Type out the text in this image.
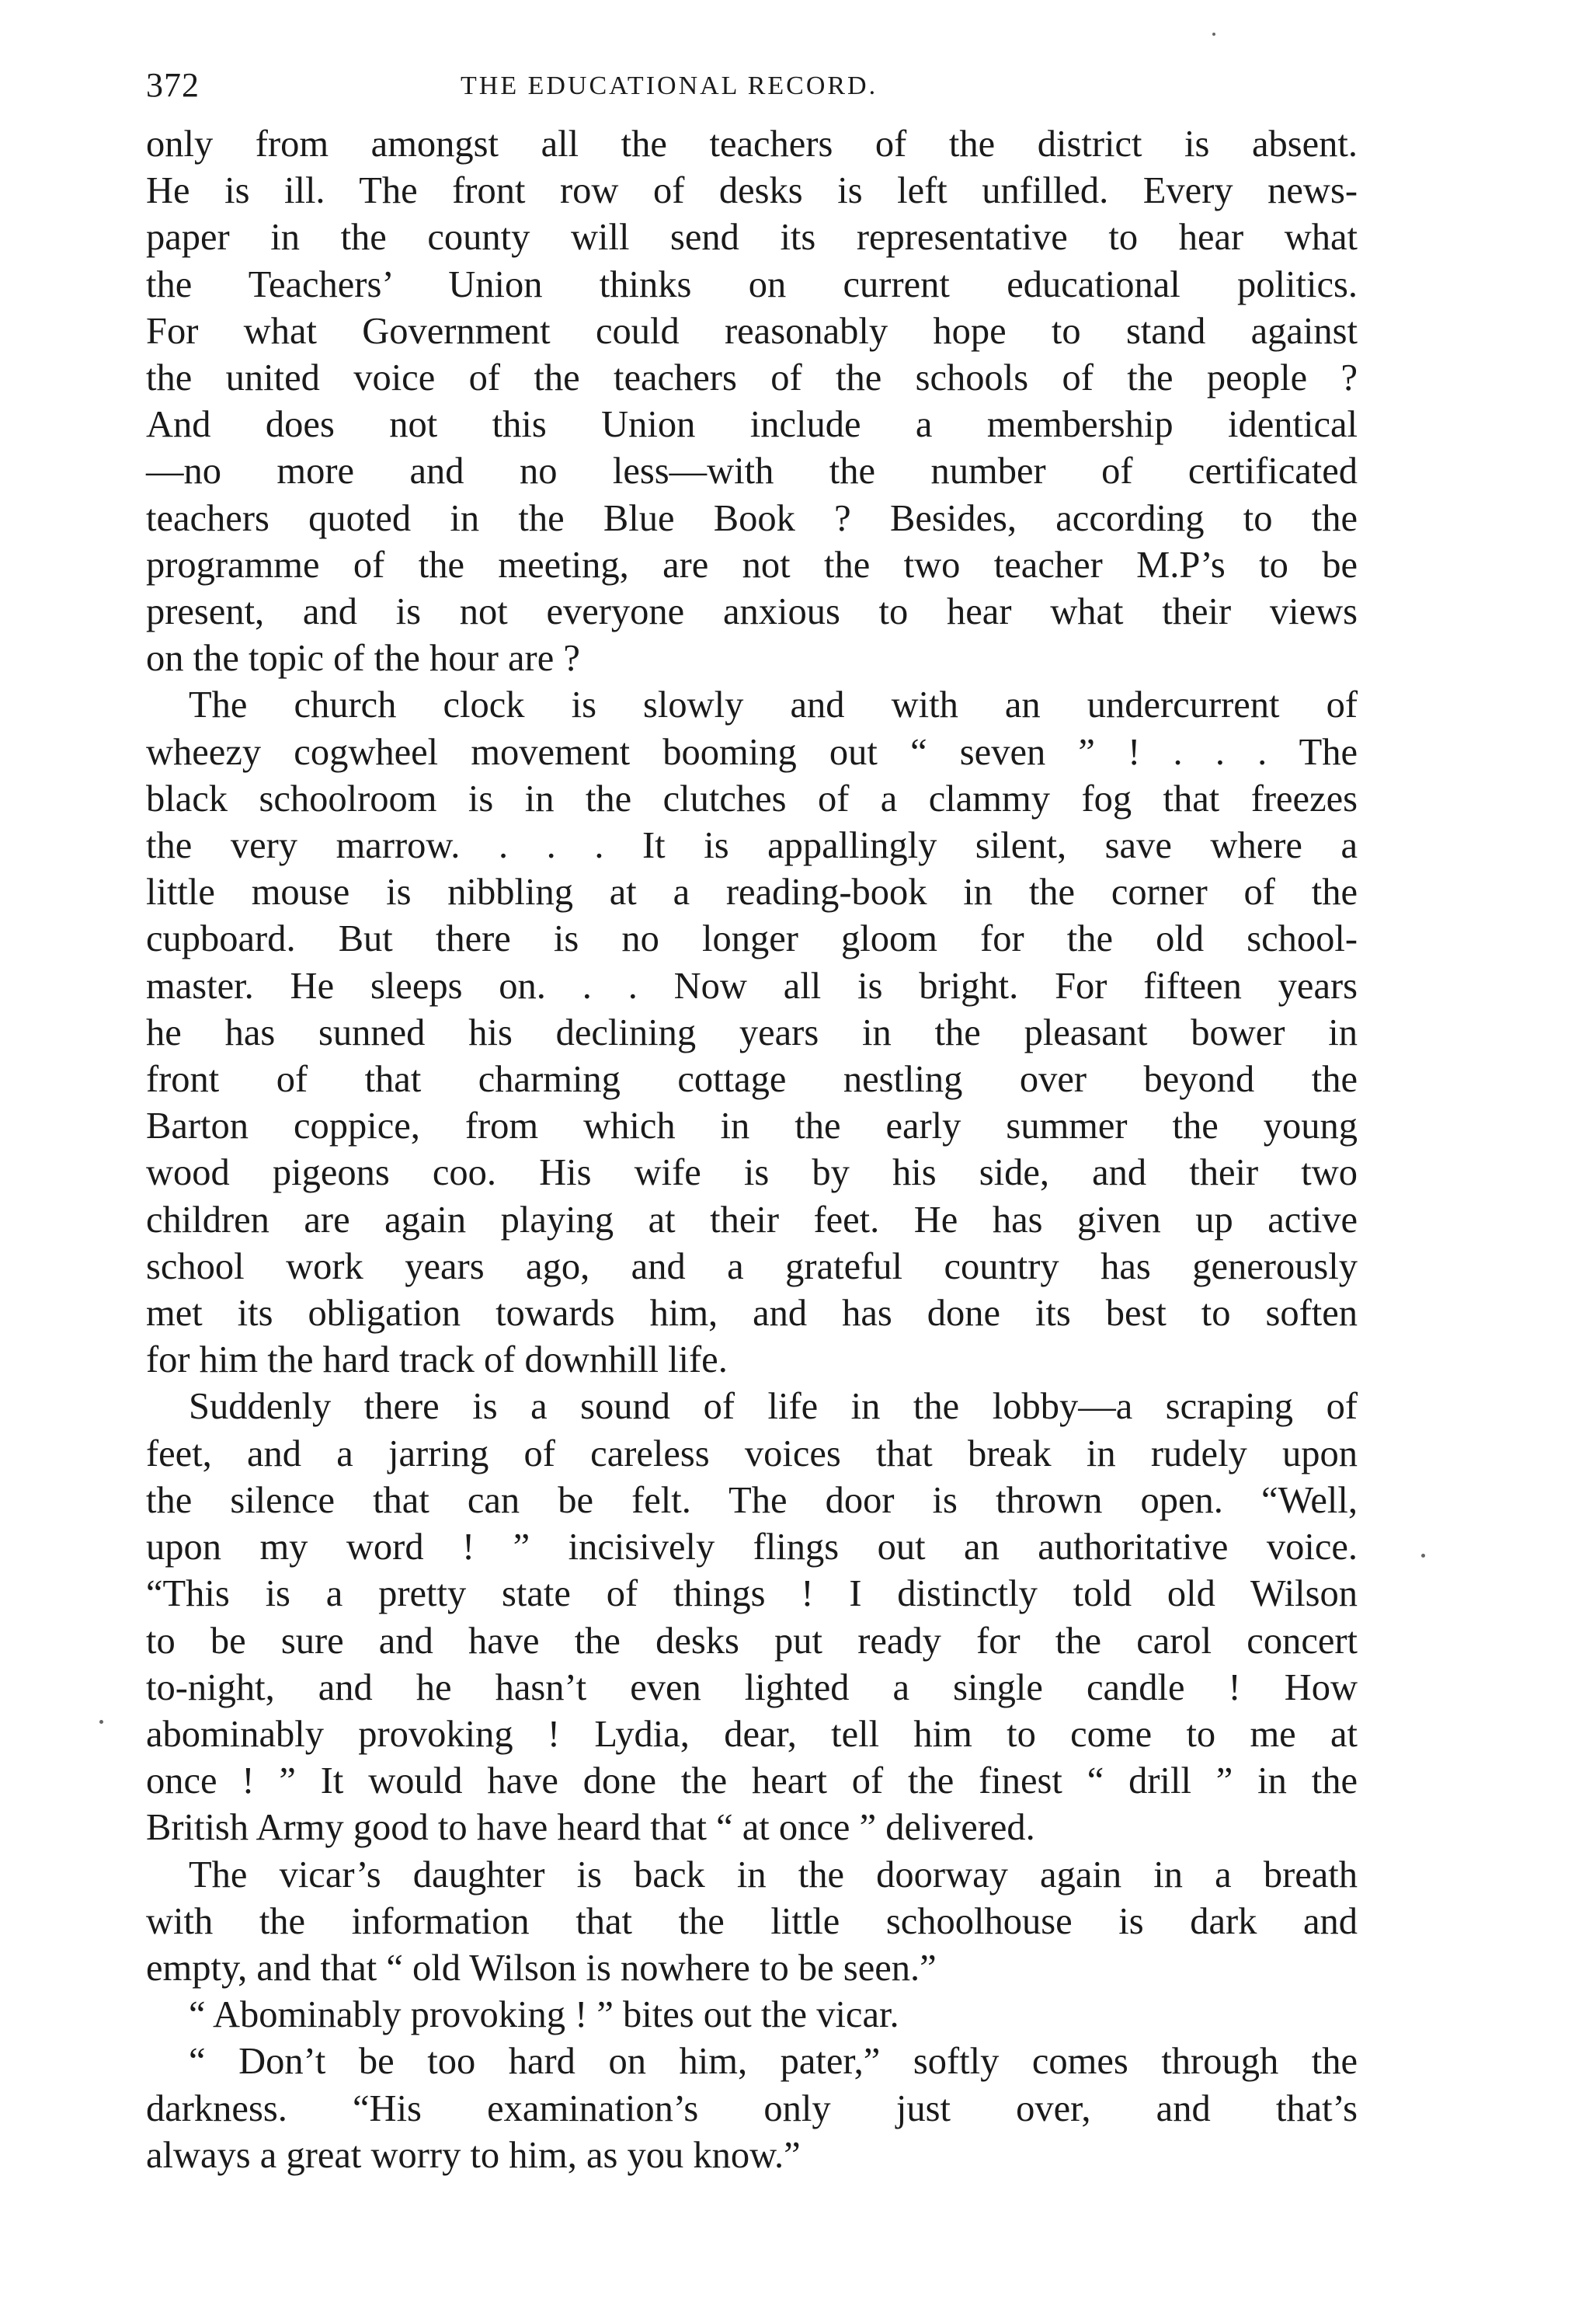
372	THE EDUCATIONAL RECORD.

only from amongst all the teachers of the district is absent.
He is ill. The front row of desks is left unfilled. Every news-
paper in the county will send its representative to hear what
the Teachers’ Union thinks on current educational politics.
For what Government could reasonably hope to stand against
the united voice of the teachers of the schools of the people ?
And does not this Union include a membership identical
—no more and no less—with the number of certificated
teachers quoted in the Blue Book ? Besides, according to the
programme of the meeting, are not the two teacher M.P’s to be
present, and is not everyone anxious to hear what their views
on the topic of the hour are ?

The church clock is slowly and with an undercurrent of
wheezy cogwheel movement booming out “ seven ” ! . . . The
black schoolroom is in the clutches of a clammy fog that freezes
the very marrow. . . . It is appallingly silent, save where a
little mouse is nibbling at a reading-book in the corner of the
cupboard. But there is no longer gloom for the old school-
master. He sleeps on. . . Now all is bright. For fifteen years
he has sunned his declining years in the pleasant bower in
front of that charming cottage nestling over beyond the
Barton coppice, from which in the early summer the young
wood pigeons coo. His wife is by his side, and their two
children are again playing at their feet. He has given up active
school work years ago, and a grateful country has generously
met its obligation towards him, and has done its best to soften
for him the hard track of downhill life.

Suddenly there is a sound of life in the lobby—a scraping of
feet, and a jarring of careless voices that break in rudely upon
the silence that can be felt. The door is thrown open. “Well,
upon my word ! ” incisively flings out an authoritative voice.
“This is a pretty state of things ! I distinctly told old Wilson
to be sure and have the desks put ready for the carol concert
to-night, and he hasn’t even lighted a single candle ! How
abominably provoking ! Lydia, dear, tell him to come to me at
once ! ” It would have done the heart of the finest “ drill ” in the
British Army good to have heard that “ at once ” delivered.

The vicar’s daughter is back in the doorway again in a breath
with the information that the little schoolhouse is dark and
empty, and that “ old Wilson is nowhere to be seen.”

“ Abominably provoking ! ” bites out the vicar.

“ Don’t be too hard on him, pater,” softly comes through the
darkness. “His examination’s only just over, and that’s
always a great worry to him, as you know.”
